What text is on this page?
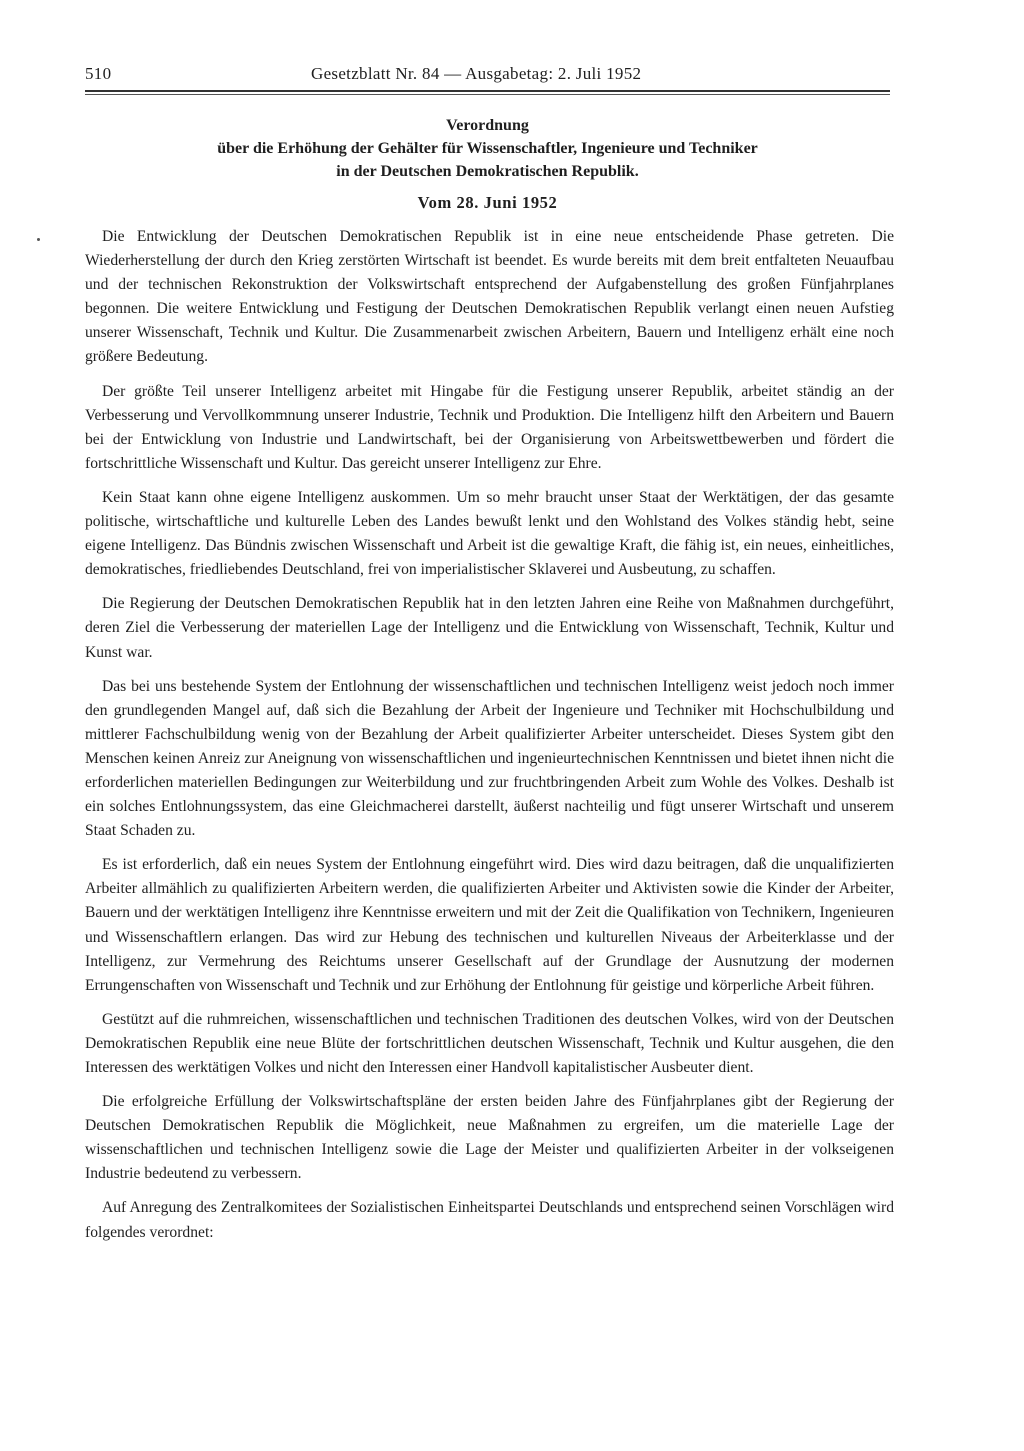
510	Gesetzblatt Nr. 84 — Ausgabetag: 2. Juli 1952
Verordnung
über die Erhöhung der Gehälter für Wissenschaftler, Ingenieure und Techniker
in der Deutschen Demokratischen Republik.
Vom 28. Juni 1952

Die Entwicklung der Deutschen Demokratischen Republik ist in eine neue entscheidende Phase getreten. Die Wiederherstellung der durch den Krieg zerstörten Wirtschaft ist beendet. Es wurde bereits mit dem breit entfalteten Neuaufbau und der technischen Rekonstruktion der Volkswirtschaft entsprechend der Aufgabenstellung des großen Fünfjahrplanes begonnen. Die weitere Entwicklung und Festigung der Deutschen Demokratischen Republik verlangt einen neuen Aufstieg unserer Wissenschaft, Technik und Kultur. Die Zusammenarbeit zwischen Arbeitern, Bauern und Intelligenz erhält eine noch größere Bedeutung.

Der größte Teil unserer Intelligenz arbeitet mit Hingabe für die Festigung unserer Republik, arbeitet ständig an der Verbesserung und Vervollkommnung unserer Industrie, Technik und Produktion. Die Intelligenz hilft den Arbeitern und Bauern bei der Entwicklung von Industrie und Landwirtschaft, bei der Organisierung von Arbeitswettbewerben und fördert die fortschrittliche Wissenschaft und Kultur. Das gereicht unserer Intelligenz zur Ehre.

Kein Staat kann ohne eigene Intelligenz auskommen. Um so mehr braucht unser Staat der Werktätigen, der das gesamte politische, wirtschaftliche und kulturelle Leben des Landes bewußt lenkt und den Wohlstand des Volkes ständig hebt, seine eigene Intelligenz. Das Bündnis zwischen Wissenschaft und Arbeit ist die gewaltige Kraft, die fähig ist, ein neues, einheitliches, demokratisches, friedliebendes Deutschland, frei von imperialistischer Sklaverei und Ausbeutung, zu schaffen.

Die Regierung der Deutschen Demokratischen Republik hat in den letzten Jahren eine Reihe von Maßnahmen durchgeführt, deren Ziel die Verbesserung der materiellen Lage der Intelligenz und die Entwicklung von Wissenschaft, Technik, Kultur und Kunst war.

Das bei uns bestehende System der Entlohnung der wissenschaftlichen und technischen Intelligenz weist jedoch noch immer den grundlegenden Mangel auf, daß sich die Bezahlung der Arbeit der Ingenieure und Techniker mit Hochschulbildung und mittlerer Fachschulbildung wenig von der Bezahlung der Arbeit qualifizierter Arbeiter unterscheidet. Dieses System gibt den Menschen keinen Anreiz zur Aneignung von wissenschaftlichen und ingenieurtechnischen Kenntnissen und bietet ihnen nicht die erforderlichen materiellen Bedingungen zur Weiterbildung und zur fruchtbringenden Arbeit zum Wohle des Volkes. Deshalb ist ein solches Entlohnungssystem, das eine Gleichmacherei darstellt, äußerst nachteilig und fügt unserer Wirtschaft und unserem Staat Schaden zu.

Es ist erforderlich, daß ein neues System der Entlohnung eingeführt wird. Dies wird dazu beitragen, daß die unqualifizierten Arbeiter allmählich zu qualifizierten Arbeitern werden, die qualifizierten Arbeiter und Aktivisten sowie die Kinder der Arbeiter, Bauern und der werktätigen Intelligenz ihre Kenntnisse erweitern und mit der Zeit die Qualifikation von Technikern, Ingenieuren und Wissenschaftlern erlangen. Das wird zur Hebung des technischen und kulturellen Niveaus der Arbeiterklasse und der Intelligenz, zur Vermehrung des Reichtums unserer Gesellschaft auf der Grundlage der Ausnutzung der modernen Errungenschaften von Wissenschaft und Technik und zur Erhöhung der Entlohnung für geistige und körperliche Arbeit führen.

Gestützt auf die ruhmreichen, wissenschaftlichen und technischen Traditionen des deutschen Volkes, wird von der Deutschen Demokratischen Republik eine neue Blüte der fortschrittlichen deutschen Wissenschaft, Technik und Kultur ausgehen, die den Interessen des werktätigen Volkes und nicht den Interessen einer Handvoll kapitalistischer Ausbeuter dient.

Die erfolgreiche Erfüllung der Volkswirtschaftspläne der ersten beiden Jahre des Fünfjahrplanes gibt der Regierung der Deutschen Demokratischen Republik die Möglichkeit, neue Maßnahmen zu ergreifen, um die materielle Lage der wissenschaftlichen und technischen Intelligenz sowie die Lage der Meister und qualifizierten Arbeiter in der volkseigenen Industrie bedeutend zu verbessern.

Auf Anregung des Zentralkomitees der Sozialistischen Einheitspartei Deutschlands und entsprechend seinen Vorschlägen wird folgendes verordnet:
